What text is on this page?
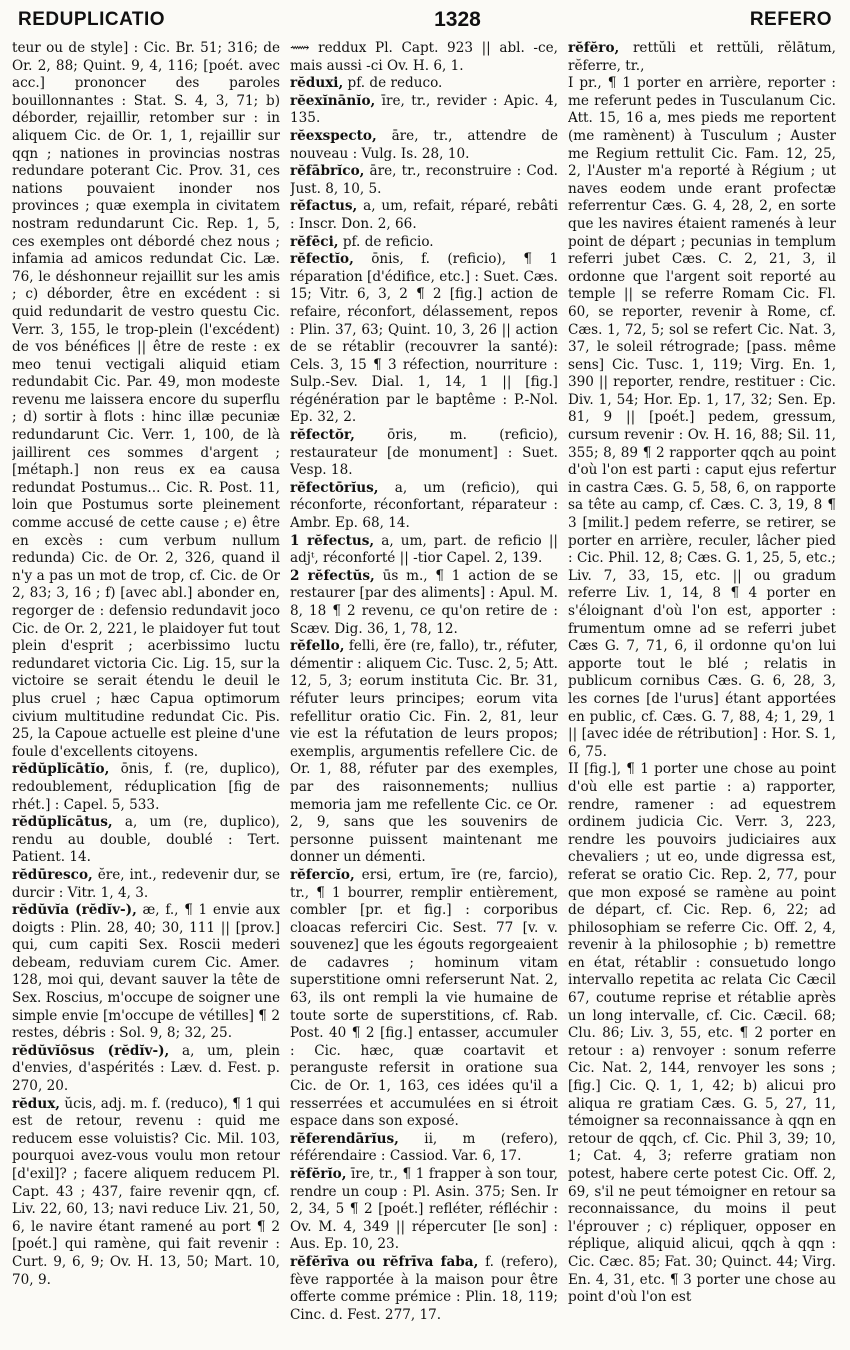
REDUPLICATIO	1328	REFERO

teur ou de style] : Cic. Br. 51; 316; de Or. 2, 88; Quint. 9, 4, 116; [poét. avec acc.] prononcer des paroles bouillonnantes : Stat. S. 4, 3, 71; b) déborder, rejaillir, retomber sur : in aliquem Cic. de Or. 1, 1, rejaillir sur qqn ; nationes in provincias nostras redundare poterant Cic. Prov. 31, ces nations pouvaient inonder nos provinces ; quæ exempla in civitatem nostram redundarunt Cic. Rep. 1, 5, ces exemples ont débordé chez nous ; infamia ad amicos redundat Cic. Læ. 76, le déshonneur rejaillit sur les amis ; c) déborder, être en excédent : si quid redundarit de vestro questu Cic. Verr. 3, 155, le trop-plein (l'excédent) de vos bénéfices || être de reste : ex meo tenui vectigali aliquid etiam redundabit Cic. Par. 49, mon modeste revenu me laissera encore du superflu ; d) sortir à flots : hinc illæ pecuniæ redundarunt Cic. Verr. 1, 100, de là jaillirent ces sommes d'argent ; [métaph.] non reus ex ea causa redundat Postumus... Cic. R. Post. 11, loin que Postumus sorte pleinement comme accusé de cette cause ; e) être en excès : cum verbum nullum redunda) Cic. de Or. 2, 326, quand il n'y a pas un mot de trop, cf. Cic. de Or 2, 83; 3, 16 ; f) [avec abl.] abonder en, regorger de : defensio redundavit joco Cic. de Or. 2, 221, le plaidoyer fut tout plein d'esprit ; acerbissimo luctu redundaret victoria Cic. Lig. 15, sur la victoire se serait étendu le deuil le plus cruel ; hæc Capua optimorum civium multitudine redundat Cic. Pis. 25, la Capoue actuelle est pleine d'une foule d'excellents citoyens.

rĕdŭplĭcātĭo, ōnis, f. (re, duplico), redoublement, réduplication [fig de rhét.] : Capel. 5, 533.

rĕdŭplĭcātus, a, um (re, duplico), rendu au double, doublé : Tert. Patient. 14.

rĕdūresco, ĕre, int., redevenir dur, se durcir : Vitr. 1, 4, 3.

rĕdŭvĭa (rĕdĭv-), æ, f., ¶ 1 envie aux doigts : Plin. 28, 40; 30, 111 || [prov.] qui, cum capiti Sex. Roscii mederi debeam, reduviam curem Cic. Amer. 128, moi qui, devant sauver la tête de Sex. Roscius, m'occupe de soigner une simple envie [m'occupe de vétilles] ¶ 2 restes, débris : Sol. 9, 8; 32, 25.

rĕdŭvĭōsus (rĕdĭv-), a, um, plein d'envies, d'aspérités : Læv. d. Fest. p. 270, 20.

rĕdux, ŭcis, adj. m. f. (reduco), ¶ 1 qui est de retour, revenu : quid me reducem esse voluistis? Cic. Mil. 103, pourquoi avez-vous voulu mon retour [d'exil]? ; facere aliquem reducem Pl. Capt. 43 ; 437, faire revenir qqn, cf. Liv. 22, 60, 13; navi reduce Liv. 21, 50, 6, le navire étant ramené au port ¶ 2 [poét.] qui ramène, qui fait revenir : Curt. 9, 6, 9; Ov. H. 13, 50; Mart. 10, 70, 9.

⟿ reddux Pl. Capt. 923 || abl. -ce, mais aussi -ci Ov. H. 6, 1.

rĕduxi, pf. de reduco.

rĕexĭnānĭo, īre, tr., revider : Apic. 4, 135.

rĕexspecto, āre, tr., attendre de nouveau : Vulg. Is. 28, 10.

rĕfābrĭco, āre, tr., reconstruire : Cod. Just. 8, 10, 5.

rĕfactus, a, um, refait, réparé, rebâti : Inscr. Don. 2, 66.

rĕfēci, pf. de reficio.

rĕfectĭo, ōnis, f. (reficio), ¶ 1 réparation [d'édifice, etc.] : Suet. Cæs. 15; Vitr. 6, 3, 2 ¶ 2 [fig.] action de refaire, réconfort, délassement, repos : Plin. 37, 63; Quint. 10, 3, 26 || action de se rétablir (recouvrer la santé): Cels. 3, 15 ¶ 3 réfection, nourriture : Sulp.-Sev. Dial. 1, 14, 1 || [fig.] régénération par le baptême : P.-Nol. Ep. 32, 2.

rĕfectŏr, ōris, m. (reficio), restaurateur [de monument] : Suet. Vesp. 18.

rĕfectōrĭus, a, um (reficio), qui réconforte, réconfortant, réparateur : Ambr. Ep. 68, 14.

1 rĕfectus, a, um, part. de reficio || adjᵗ, réconforté || -tior Capel. 2, 139.

2 rĕfectŭs, ūs m., ¶ 1 action de se restaurer [par des aliments] : Apul. M. 8, 18 ¶ 2 revenu, ce qu'on retire de : Scæv. Dig. 36, 1, 78, 12.

rĕfello, felli, ĕre (re, fallo), tr., réfuter, démentir : aliquem Cic. Tusc. 2, 5; Att. 12, 5, 3; eorum instituta Cic. Br. 31, réfuter leurs principes; eorum vita refellitur oratio Cic. Fin. 2, 81, leur vie est la réfutation de leurs propos; exemplis, argumentis refellere Cic. de Or. 1, 88, réfuter par des exemples, par des raisonnements; nullius memoria jam me refellente Cic. ce Or. 2, 9, sans que les souvenirs de personne puissent maintenant me donner un démenti.

rĕfercĭo, ersi, ertum, īre (re, farcio), tr., ¶ 1 bourrer, remplir entièrement, combler [pr. et fig.] : corporibus cloacas referciri Cic. Sest. 77 [v. v. souvenez] que les égouts regorgeaient de cadavres ; hominum vitam superstitione omni referserunt Nat. 2, 63, ils ont rempli la vie humaine de toute sorte de superstitions, cf. Rab. Post. 40 ¶ 2 [fig.] entasser, accumuler : Cic. hæc, quæ coartavit et peranguste refersit in oratione sua Cic. de Or. 1, 163, ces idées qu'il a resserrées et accumulées en si étroit espace dans son exposé.

rĕferendārĭus, ii, m (refero), référendaire : Cassiod. Var. 6, 17.

rĕfĕrĭo, īre, tr., ¶ 1 frapper à son tour, rendre un coup : Pl. Asin. 375; Sen. Ir 2, 34, 5 ¶ 2 [poét.] refléter, réfléchir : Ov. M. 4, 349 || répercuter [le son] : Aus. Ep. 10, 23.

rĕfĕrīva ou rĕfrīva faba, f. (refero), fève rapportée à la maison pour être offerte comme prémice : Plin. 18, 119; Cinc. d. Fest. 277, 17.

rĕfĕro, rettŭli et rettŭli, rĕlātum, rĕferre, tr.,

I pr., ¶ 1 porter en arrière, reporter : me referunt pedes in Tusculanum Cic. Att. 15, 16 a, mes pieds me reportent (me ramènent) à Tusculum ; Auster me Regium rettulit Cic. Fam. 12, 25, 2, l'Auster m'a reporté à Régium ; ut naves eodem unde erant profectæ referrentur Cæs. G. 4, 28, 2, en sorte que les navires étaient ramenés à leur point de départ ; pecunias in templum referri jubet Cæs. C. 2, 21, 3, il ordonne que l'argent soit reporté au temple || se referre Romam Cic. Fl. 60, se reporter, revenir à Rome, cf. Cæs. 1, 72, 5; sol se refert Cic. Nat. 3, 37, le soleil rétrograde; [pass. même sens] Cic. Tusc. 1, 119; Virg. En. 1, 390 || reporter, rendre, restituer : Cic. Div. 1, 54; Hor. Ep. 1, 17, 32; Sen. Ep. 81, 9 || [poét.] pedem, gressum, cursum revenir : Ov. H. 16, 88; Sil. 11, 355; 8, 89 ¶ 2 rapporter qqch au point d'où l'on est parti : caput ejus refertur in castra Cæs. G. 5, 58, 6, on rapporte sa tête au camp, cf. Cæs. C. 3, 19, 8 ¶ 3 [milit.] pedem referre, se retirer, se porter en arrière, reculer, lâcher pied : Cic. Phil. 12, 8; Cæs. G. 1, 25, 5, etc.; Liv. 7, 33, 15, etc. || ou gradum referre Liv. 1, 14, 8 ¶ 4 porter en s'éloignant d'où l'on est, apporter : frumentum omne ad se referri jubet Cæs G. 7, 71, 6, il ordonne qu'on lui apporte tout le blé ; relatis in publicum cornibus Cæs. G. 6, 28, 3, les cornes [de l'urus] étant apportées en public, cf. Cæs. G. 7, 88, 4; 1, 29, 1 || [avec idée de rétribution] : Hor. S. 1, 6, 75.

II [fig.], ¶ 1 porter une chose au point d'où elle est partie : a) rapporter, rendre, ramener : ad equestrem ordinem judicia Cic. Verr. 3, 223, rendre les pouvoirs judiciaires aux chevaliers ; ut eo, unde digressa est, referat se oratio Cic. Rep. 2, 77, pour que mon exposé se ramène au point de départ, cf. Cic. Rep. 6, 22; ad philosophiam se referre Cic. Off. 2, 4, revenir à la philosophie ; b) remettre en état, rétablir : consuetudo longo intervallo repetita ac relata Cic Cæcil 67, coutume reprise et rétablie après un long intervalle, cf. Cic. Cæcil. 68; Clu. 86; Liv. 3, 55, etc. ¶ 2 porter en retour : a) renvoyer : sonum referre Cic. Nat. 2, 144, renvoyer les sons ; [fig.] Cic. Q. 1, 1, 42; b) alicui pro aliqua re gratiam Cæs. G. 5, 27, 11, témoigner sa reconnaissance à qqn en retour de qqch, cf. Cic. Phil 3, 39; 10, 1; Cat. 4, 3; referre gratiam non potest, habere certe potest Cic. Off. 2, 69, s'il ne peut témoigner en retour sa reconnaissance, du moins il peut l'éprouver ; c) répliquer, opposer en réplique, aliquid alicui, qqch à qqn : Cic. Cæc. 85; Fat. 30; Quinct. 44; Virg. En. 4, 31, etc. ¶ 3 porter une chose au point d'où l'on est
